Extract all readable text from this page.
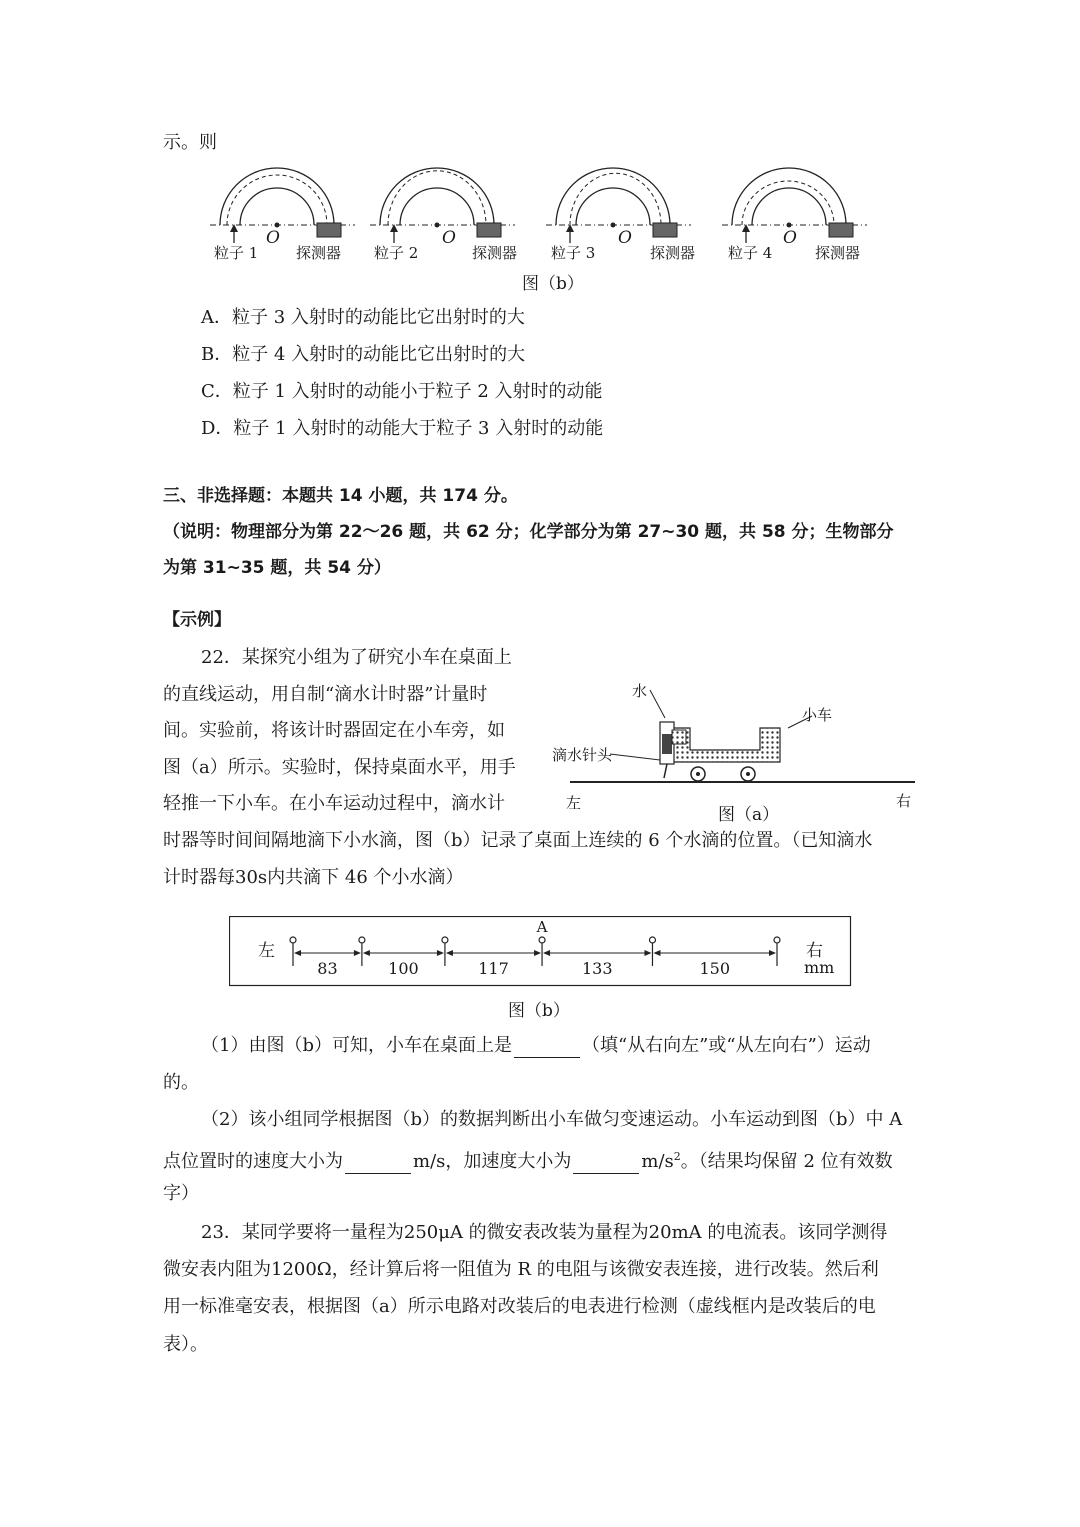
示。则
粒子 1
O
探测器 粒子 2
O
探测器 粒子 3
O
探测器 粒子 4
O
探测器
图（b）
A．粒子 3 入射时的动能比它出射时的大
B．粒子 4 入射时的动能比它出射时的大
C．粒子 1 入射时的动能小于粒子 2 入射时的动能
D．粒子 1 入射时的动能大于粒子 3 入射时的动能
三、非选择题：本题共 14 小题，共 174 分。
（说明：物理部分为第 22～26 题，共 62 分；化学部分为第 27~30 题，共 58 分；生物部分
为第 31~35 题，共 54 分）
【示例】
22．某探究小组为了研究小车在桌面上
的直线运动，用自制“滴水计时器”计量时
间。实验前，将该计时器固定在小车旁，如
图（a）所示。实验时，保持桌面水平，用手
轻推一下小车。在小车运动过程中，滴水计
时器等时间间隔地滴下小水滴，图（b）记录了桌面上连续的 6 个水滴的位置。（已知滴水
计时器每30s内共滴下 46 个小水滴）
水
小车
滴水针头
左	右
图（a）
A
83	100	117	133	150
左	右
mm
图（b）
（1）由图（b）可知，小车在桌面上是	（填“从右向左”或“从左向右”）运动
的。
（2）该小组同学根据图（b）的数据判断出小车做匀变速运动。小车运动到图（b）中 A
点位置时的速度大小为	m/s，加速度大小为	$m/s^2$。（结果均保留 2 位有效数
字）
23．某同学要将一量程为250μA 的微安表改装为量程为20mA 的电流表。该同学测得
微安表内阻为1200Ω，经计算后将一阻值为 R 的电阻与该微安表连接，进行改装。然后利
用一标准毫安表，根据图（a）所示电路对改装后的电表进行检测（虚线框内是改装后的电
表）。
